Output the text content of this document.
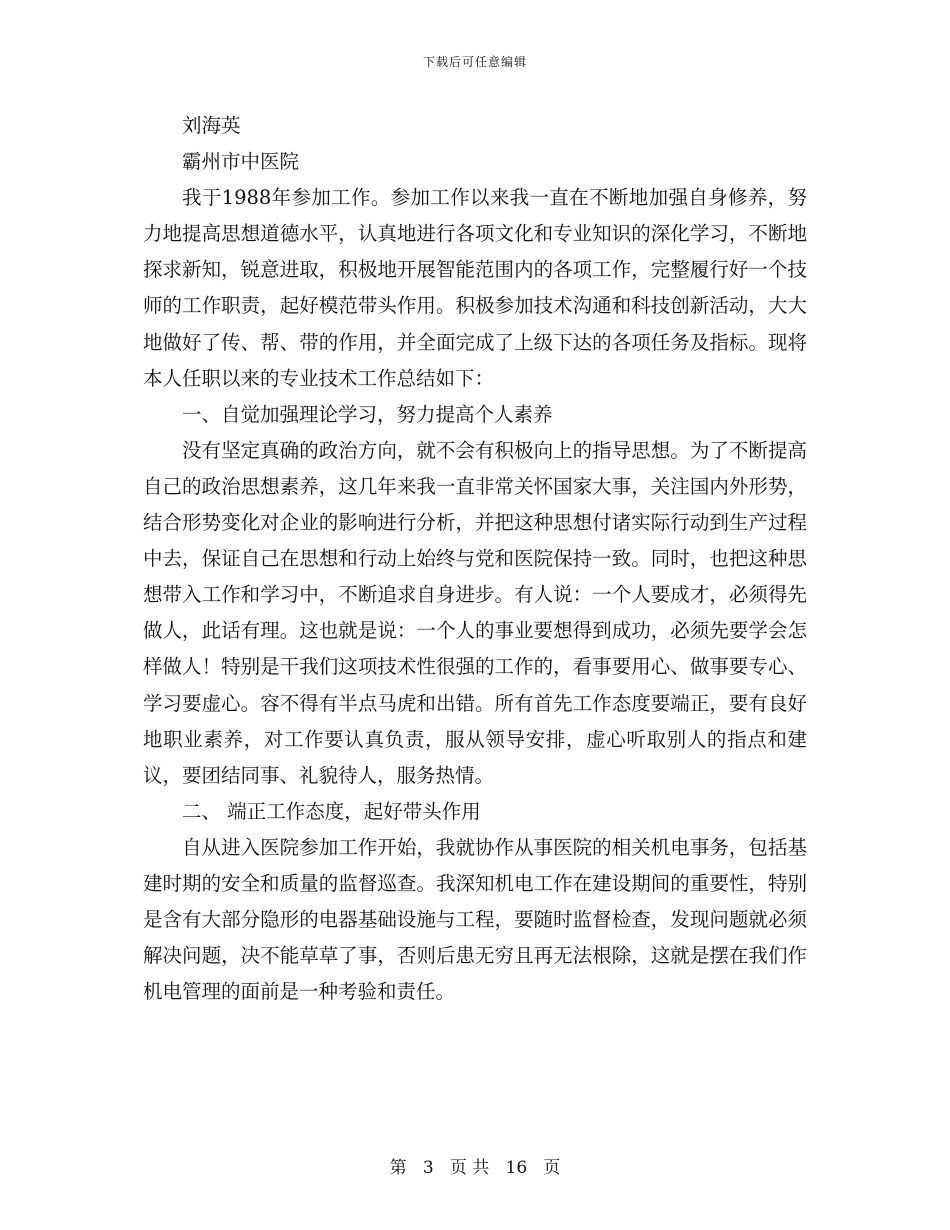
下载后可任意编辑

刘海英

霸州市中医院

我于1988年参加工作。参加工作以来我一直在不断地加强自身修养，努力地提高思想道德水平，认真地进行各项文化和专业知识的深化学习，不断地探求新知，锐意进取，积极地开展智能范围内的各项工作，完整履行好一个技师的工作职责，起好模范带头作用。积极参加技术沟通和科技创新活动，大大地做好了传、帮、带的作用，并全面完成了上级下达的各项任务及指标。现将本人任职以来的专业技术工作总结如下：

一、自觉加强理论学习，努力提高个人素养

没有坚定真确的政治方向，就不会有积极向上的指导思想。为了不断提高自己的政治思想素养，这几年来我一直非常关怀国家大事，关注国内外形势，结合形势变化对企业的影响进行分析，并把这种思想付诸实际行动到生产过程中去，保证自己在思想和行动上始终与党和医院保持一致。同时，也把这种思想带入工作和学习中，不断追求自身进步。有人说：一个人要成才，必须得先做人，此话有理。这也就是说：一个人的事业要想得到成功，必须先要学会怎样做人！特别是干我们这项技术性很强的工作的，看事要用心、做事要专心、学习要虚心。容不得有半点马虎和出错。所有首先工作态度要端正，要有良好地职业素养，对工作要认真负责，服从领导安排，虚心听取别人的指点和建议，要团结同事、礼貌待人，服务热情。

二、 端正工作态度，起好带头作用

自从进入医院参加工作开始，我就协作从事医院的相关机电事务，包括基建时期的安全和质量的监督巡查。我深知机电工作在建设期间的重要性，特别是含有大部分隐形的电器基础设施与工程，要随时监督检查，发现问题就必须解决问题，决不能草草了事，否则后患无穷且再无法根除，这就是摆在我们作机电管理的面前是一种考验和责任。

第 3 页 共 16 页
